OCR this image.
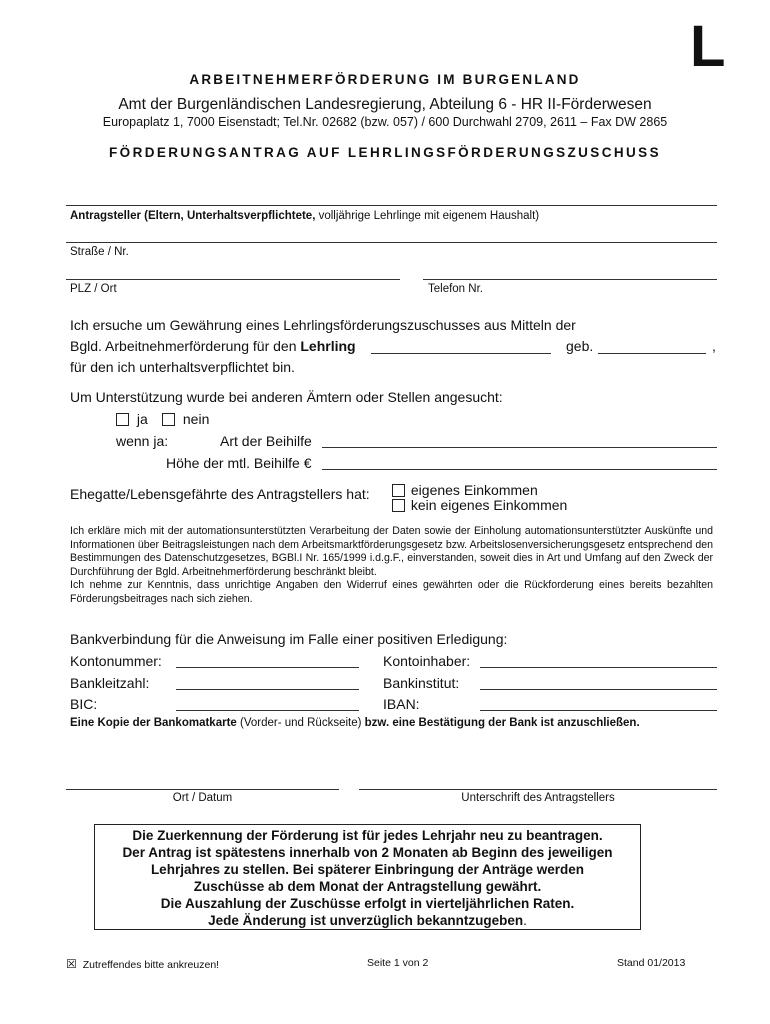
L
ARBEITNEHMERFÖRDERUNG IM BURGENLAND
Amt der Burgenländischen Landesregierung, Abteilung 6 - HR II-Förderwesen
Europaplatz 1, 7000 Eisenstadt; Tel.Nr. 02682 (bzw. 057) / 600 Durchwahl 2709, 2611 – Fax DW 2865
FÖRDERUNGSANTRAG AUF LEHRLINGSFÖRDERUNGSZUSCHUSS
Antragsteller (Eltern, Unterhaltsverpflichtete, volljährige Lehrlinge mit eigenem Haushalt)
Straße / Nr.
PLZ / Ort	Telefon Nr.
Ich ersuche um Gewährung eines Lehrlingsförderungszuschusses aus Mitteln der
Bgld. Arbeitnehmerförderung für den Lehrling	geb.	,
für den ich unterhaltsverpflichtet bin.
Um Unterstützung wurde bei anderen Ämtern oder Stellen angesucht:
ja	nein
wenn ja:	Art der Beihilfe
Höhe der mtl. Beihilfe €
Ehegatte/Lebensgefährte des Antragstellers hat:	eigenes Einkommen
kein eigenes Einkommen

Ich erkläre mich mit der automationsunterstützten Verarbeitung der Daten sowie der Einholung automationsunterstützter Auskünfte und Informationen über Beitragsleistungen nach dem Arbeitsmarktförderungsgesetz bzw. Arbeitslosenversicherungsgesetz entsprechend den Bestimmungen des Datenschutzgesetzes, BGBl.I Nr. 165/1999 i.d.g.F., einverstanden, soweit dies in Art und Umfang auf den Zweck der Durchführung der Bgld. Arbeitnehmerförderung beschränkt bleibt.

Ich nehme zur Kenntnis, dass unrichtige Angaben den Widerruf eines gewährten oder die Rückforderung eines bereits bezahlten Förderungsbeitrages nach sich ziehen.

Bankverbindung für die Anweisung im Falle einer positiven Erledigung:
Kontonummer:	Kontoinhaber:
Bankleitzahl:	Bankinstitut:
BIC:	IBAN:
Eine Kopie der Bankomatkarte (Vorder- und Rückseite) bzw. eine Bestätigung der Bank ist anzuschließen.
Ort / Datum	Unterschrift des Antragstellers
Die Zuerkennung der Förderung ist für jedes Lehrjahr neu zu beantragen.
Der Antrag ist spätestens innerhalb von 2 Monaten ab Beginn des jeweiligen
Lehrjahres zu stellen. Bei späterer Einbringung der Anträge werden
Zuschüsse ab dem Monat der Antragstellung gewährt.
Die Auszahlung der Zuschüsse erfolgt in vierteljährlichen Raten.
Jede Änderung ist unverzüglich bekanntzugeben.
☒ Zutreffendes bitte ankreuzen!	Seite 1 von 2	Stand 01/2013
